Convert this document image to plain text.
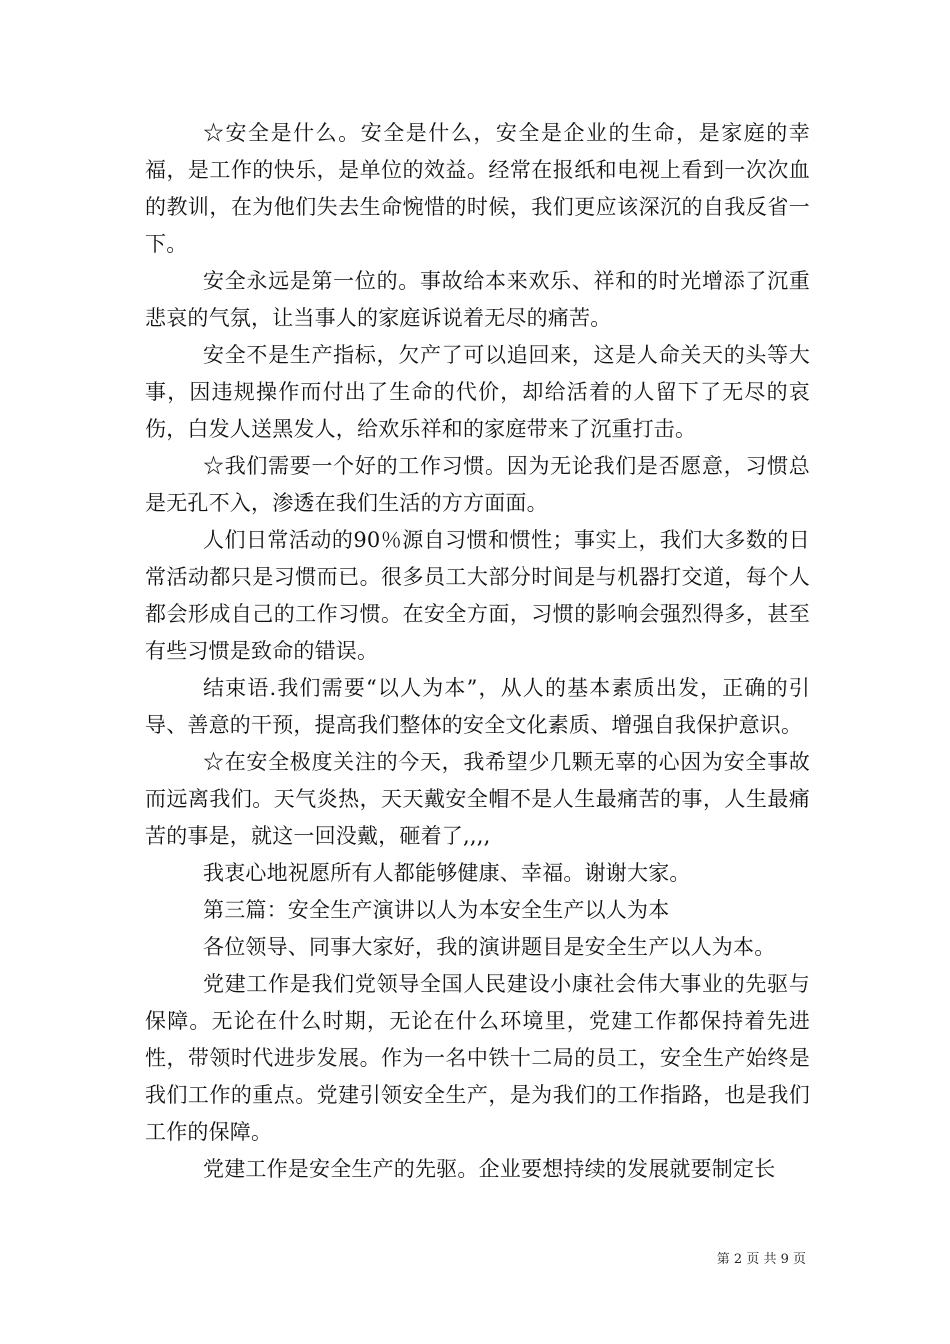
☆安全是什么。安全是什么，安全是企业的生命，是家庭的幸福，是工作的快乐，是单位的效益。经常在报纸和电视上看到一次次血的教训，在为他们失去生命惋惜的时候，我们更应该深沉的自我反省一下。

安全永远是第一位的。事故给本来欢乐、祥和的时光增添了沉重悲哀的气氛，让当事人的家庭诉说着无尽的痛苦。

安全不是生产指标，欠产了可以追回来，这是人命关天的头等大事，因违规操作而付出了生命的代价，却给活着的人留下了无尽的哀伤，白发人送黑发人，给欢乐祥和的家庭带来了沉重打击。

☆我们需要一个好的工作习惯。因为无论我们是否愿意，习惯总是无孔不入，渗透在我们生活的方方面面。

人们日常活动的90％源自习惯和惯性；事实上，我们大多数的日常活动都只是习惯而已。很多员工大部分时间是与机器打交道，每个人都会形成自己的工作习惯。在安全方面，习惯的影响会强烈得多，甚至有些习惯是致命的错误。

结束语.我们需要“以人为本”，从人的基本素质出发，正确的引导、善意的干预，提高我们整体的安全文化素质、增强自我保护意识。

☆在安全极度关注的今天，我希望少几颗无辜的心因为安全事故而远离我们。天气炎热，天天戴安全帽不是人生最痛苦的事，人生最痛苦的事是，就这一回没戴，砸着了,,,,

我衷心地祝愿所有人都能够健康、幸福。谢谢大家。

第三篇：安全生产演讲以人为本安全生产以人为本

各位领导、同事大家好，我的演讲题目是安全生产以人为本。

党建工作是我们党领导全国人民建设小康社会伟大事业的先驱与保障。无论在什么时期，无论在什么环境里，党建工作都保持着先进性，带领时代进步发展。作为一名中铁十二局的员工，安全生产始终是我们工作的重点。党建引领安全生产，是为我们的工作指路，也是我们工作的保障。

党建工作是安全生产的先驱。企业要想持续的发展就要制定长

第 2 页 共 9 页
